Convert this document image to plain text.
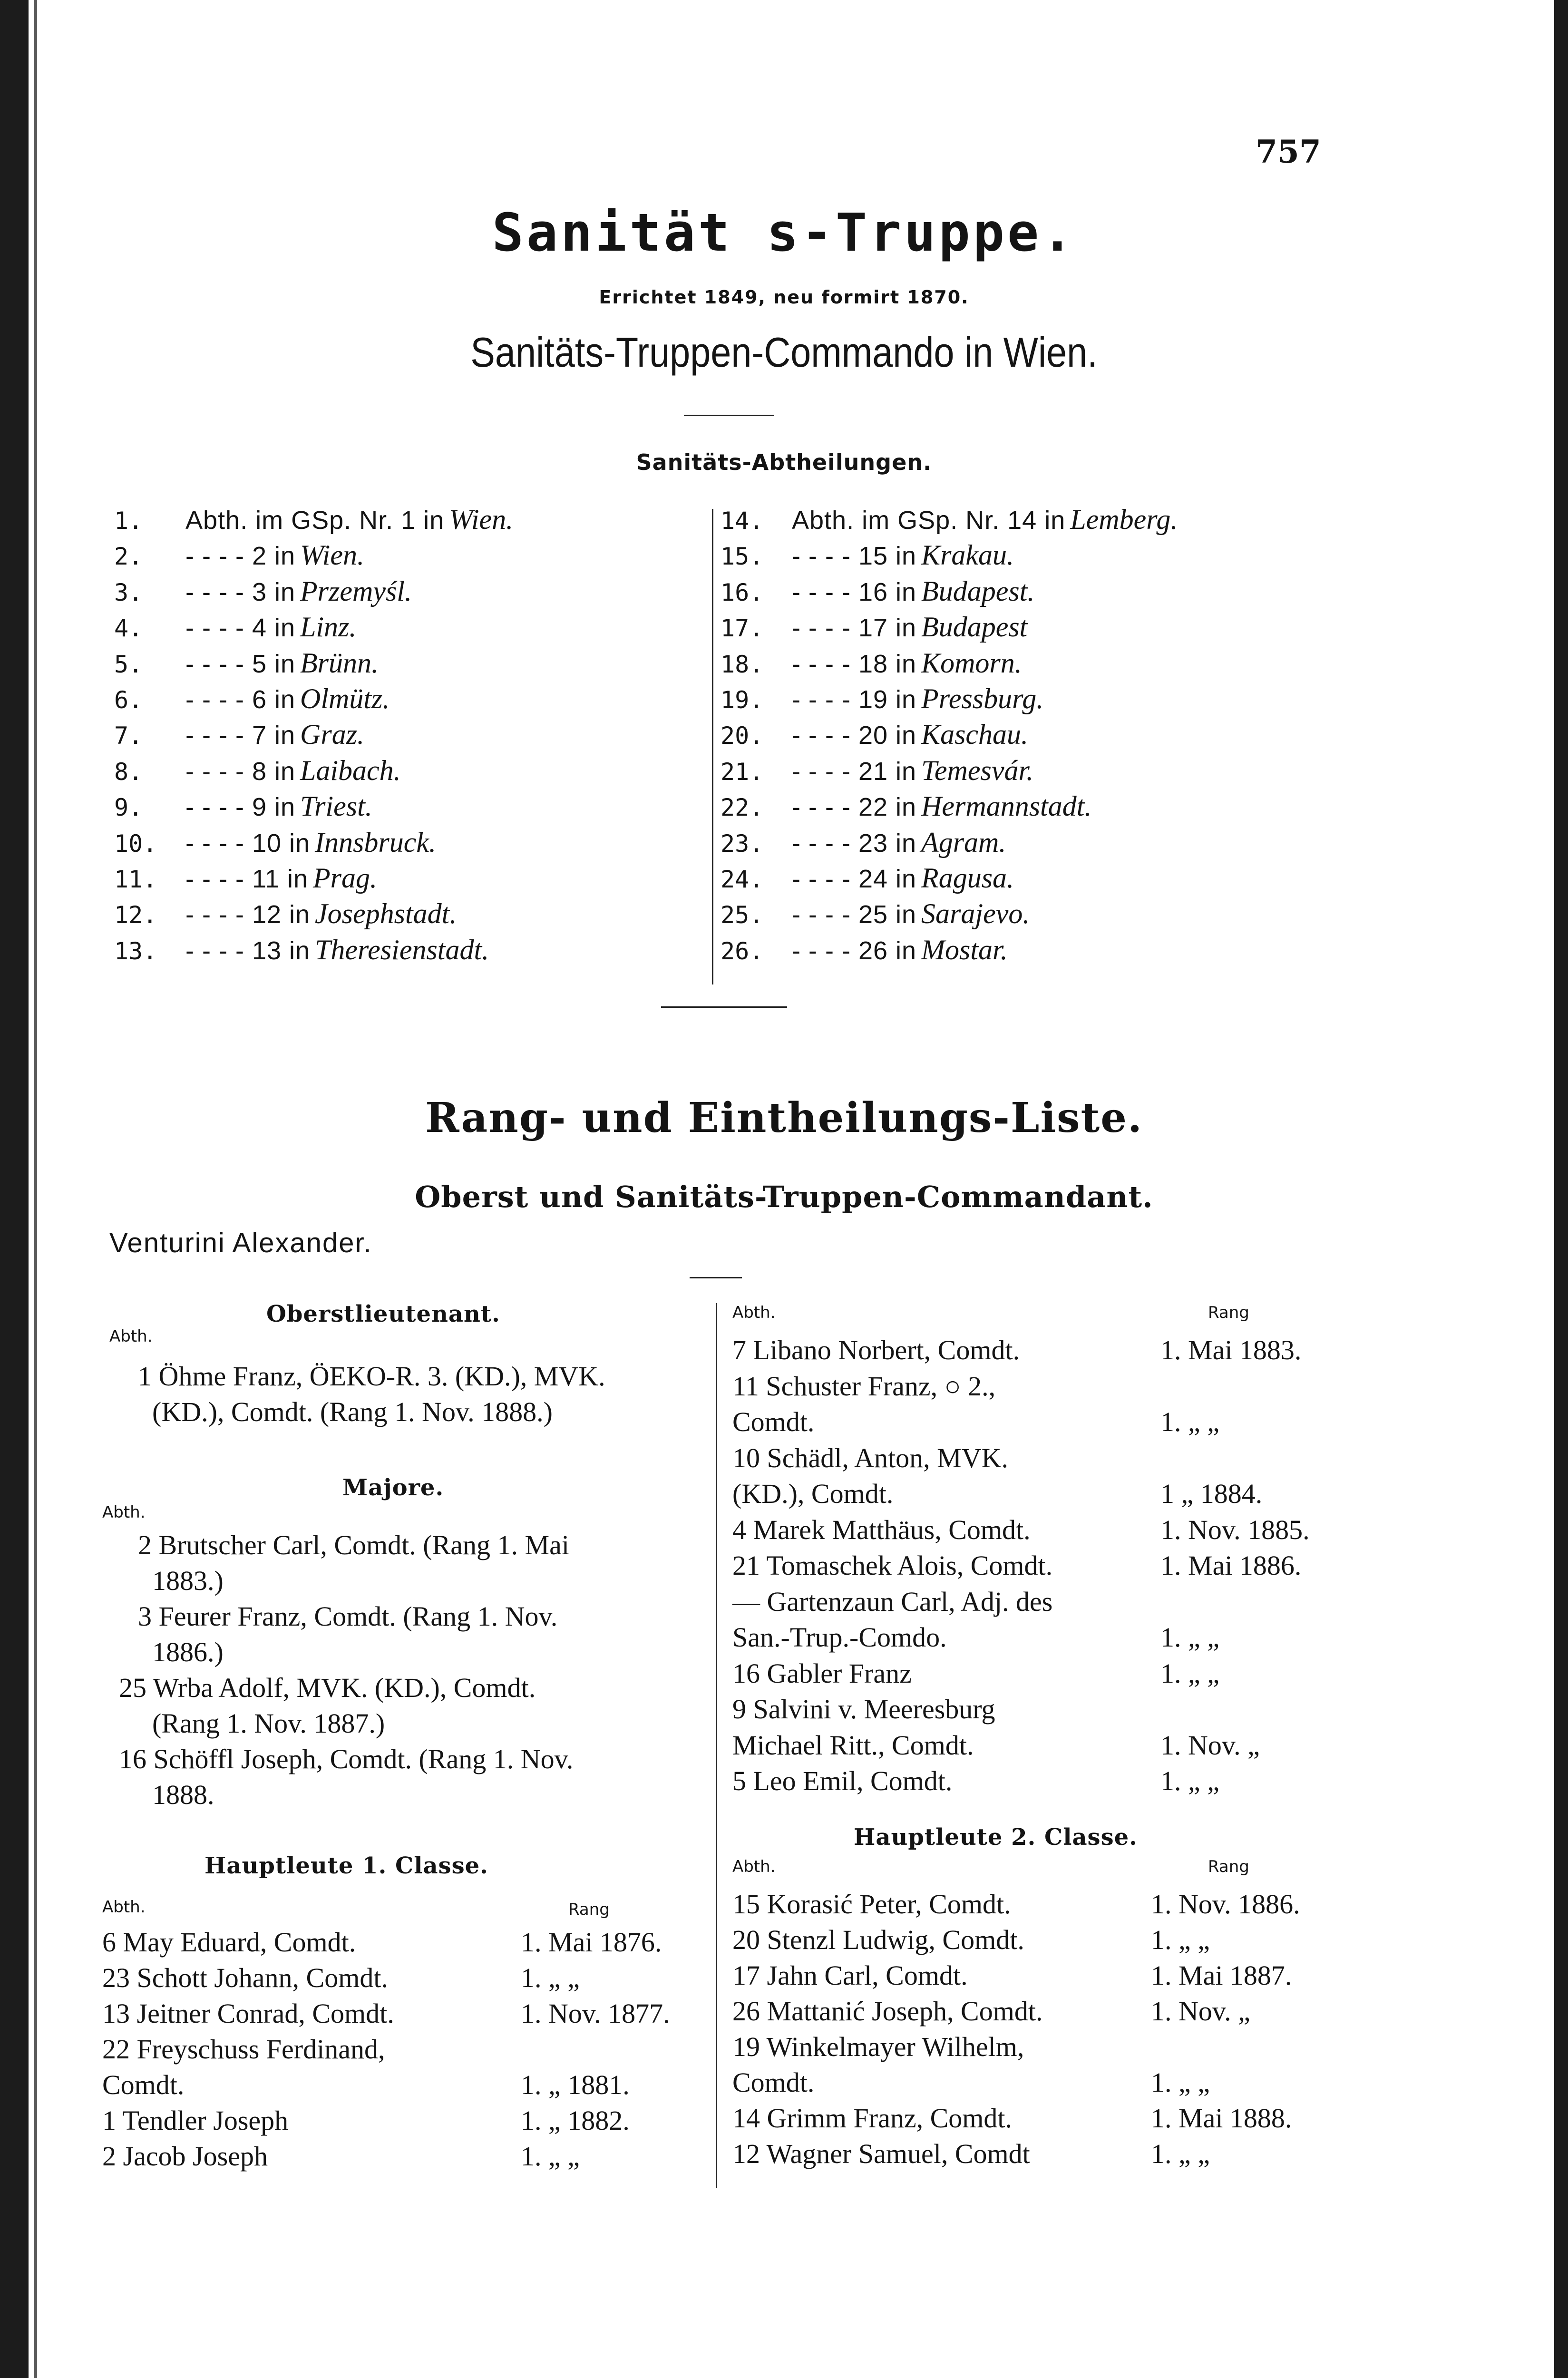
757
Sanität s-Truppe.
Errichtet 1849, neu formirt 1870.
Sanitäts-Truppen-Commando in Wien.
Sanitäts-Abtheilungen.
1.	Abth. im GSp. Nr. 1 in Wien.
2.	- - - - 2 in Wien.
3.	- - - - 3 in Przemyśl.
4.	- - - - 4 in Linz.
5.	- - - - 5 in Brünn.
6.	- - - - 6 in Olmütz.
7.	- - - - 7 in Graz.
8.	- - - - 8 in Laibach.
9.	- - - - 9 in Triest.
10.	- - - - 10 in Innsbruck.
11.	- - - - 11 in Prag.
12.	- - - - 12 in Josephstadt.
13.	- - - - 13 in Theresienstadt.
14.	Abth. im GSp. Nr. 14 in Lemberg.
15.	- - - - 15 in Krakau.
16.	- - - - 16 in Budapest.
17.	- - - - 17 in Budapest
18.	- - - - 18 in Komorn.
19.	- - - - 19 in Pressburg.
20.	- - - - 20 in Kaschau.
21.	- - - - 21 in Temesvár.
22.	- - - - 22 in Hermannstadt.
23.	- - - - 23 in Agram.
24.	- - - - 24 in Ragusa.
25.	- - - - 25 in Sarajevo.
26.	- - - - 26 in Mostar.
Rang- und Eintheilungs-Liste.
Oberst und Sanitäts-Truppen-Commandant.
Venturini Alexander.
Oberstlieutenant.
Abth.
1 Öhme Franz, ÖEKO-R. 3. (KD.), MVK.
(KD.), Comdt. (Rang 1. Nov. 1888.)
Majore.
Abth.
2 Brutscher Carl, Comdt. (Rang 1. Mai
1883.)
3 Feurer Franz, Comdt. (Rang 1. Nov.
1886.)
25 Wrba Adolf, MVK. (KD.), Comdt.
(Rang 1. Nov. 1887.)
16 Schöffl Joseph, Comdt. (Rang 1. Nov.
1888.
Hauptleute 1. Classe.
Abth.	Rang
6 May Eduard, Comdt.	1. Mai 1876.
23 Schott Johann, Comdt.	1. „ „
13 Jeitner Conrad, Comdt.	1. Nov. 1877.
22 Freyschuss Ferdinand,
Comdt.	1. „ 1881.
1 Tendler Joseph	1. „ 1882.
2 Jacob Joseph	1. „ „
Abth.	Rang
7 Libano Norbert, Comdt.	1. Mai 1883.
11 Schuster Franz, ○ 2.,
Comdt.	1. „ „
10 Schädl, Anton, MVK.
(KD.), Comdt.	1 „ 1884.
4 Marek Matthäus, Comdt.	1. Nov. 1885.
21 Tomaschek Alois, Comdt.	1. Mai 1886.
— Gartenzaun Carl, Adj. des
San.-Trup.-Comdo.	1. „ „
16 Gabler Franz	1. „ „
9 Salvini v. Meeresburg
Michael Ritt., Comdt.	1. Nov. „
5 Leo Emil, Comdt.	1. „ „
Hauptleute 2. Classe.
Abth.	Rang
15 Korasić Peter, Comdt.	1. Nov. 1886.
20 Stenzl Ludwig, Comdt.	1. „ „
17 Jahn Carl, Comdt.	1. Mai 1887.
26 Mattanić Joseph, Comdt.	1. Nov. „
19 Winkelmayer Wilhelm,
Comdt.	1. „ „
14 Grimm Franz, Comdt.	1. Mai 1888.
12 Wagner Samuel, Comdt	1. „ „
